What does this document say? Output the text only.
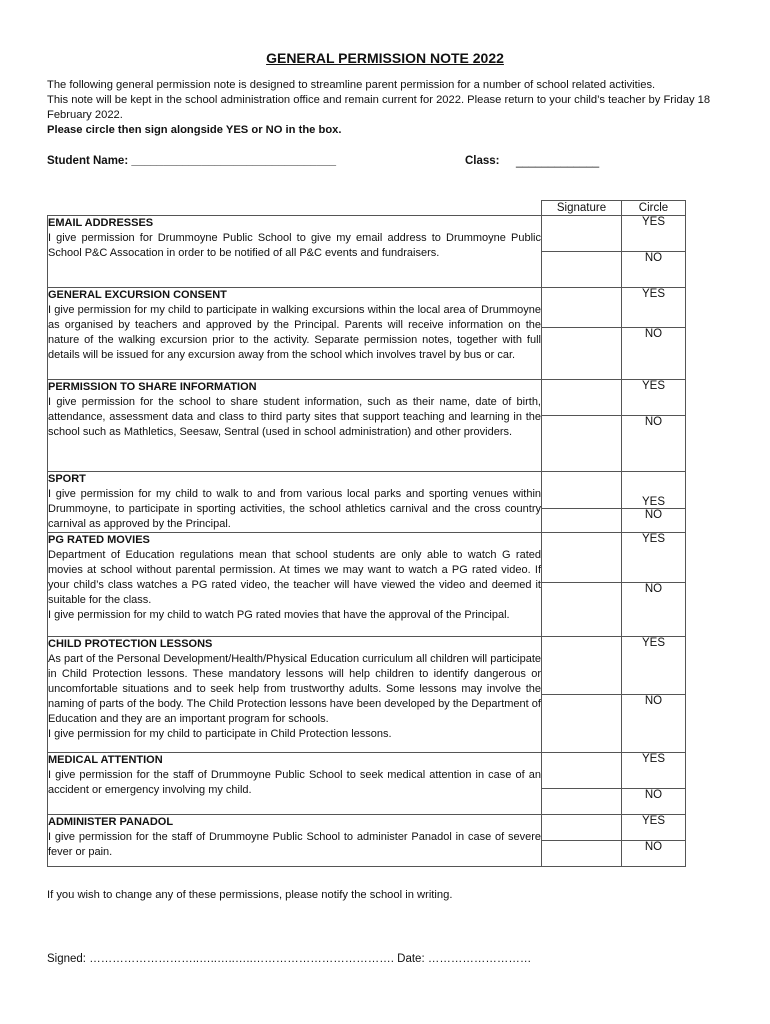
GENERAL PERMISSION NOTE 2022
The following general permission note is designed to streamline parent permission for a number of school related activities.
This note will be kept in the school administration office and remain current for 2022. Please return to your child’s teacher by Friday 18 February 2022.
Please circle then sign alongside YES or NO in the box.
Student Name: ________________________________	Class: _____________
	Signature	Circle

EMAIL ADDRESSES
I give permission for Drummoyne Public School to give my email address to Drummoyne Public School P&C Assocation in order to be notified of all P&C events and fundraisers.		YES
		NO

GENERAL EXCURSION CONSENT
I give permission for my child to participate in walking excursions within the local area of Drummoyne as organised by teachers and approved by the Principal. Parents will receive information on the nature of the walking excursion prior to the activity. Separate permission notes, together with full details will be issued for any excursion away from the school which involves travel by bus or car.		YES
		NO

PERMISSION TO SHARE INFORMATION
I give permission for the school to share student information, such as their name, date of birth, attendance, assessment data and class to third party sites that support teaching and learning in the school such as Mathletics, Seesaw, Sentral (used in school administration) and other providers.		YES
		NO

SPORT
I give permission for my child to walk to and from various local parks and sporting venues within Drummoyne, to participate in sporting activities, the school athletics carnival and the cross country carnival as approved by the Principal.		YES
		NO

PG RATED MOVIES
Department of Education regulations mean that school students are only able to watch G rated movies at school without parental permission. At times we may want to watch a PG rated video. If your child’s class watches a PG rated video, the teacher will have viewed the video and deemed it suitable for the class.
I give permission for my child to watch PG rated movies that have the approval of the Principal.		YES
		NO

CHILD PROTECTION LESSONS
As part of the Personal Development/Health/Physical Education curriculum all children will participate in Child Protection lessons. These mandatory lessons will help children to identify dangerous or uncomfortable situations and to seek help from trustworthy adults. Some lessons may involve the naming of parts of the body. The Child Protection lessons have been developed by the Department of Education and they are an important program for schools.
I give permission for my child to participate in Child Protection lessons.		YES
		NO

MEDICAL ATTENTION
I give permission for the staff of Drummoyne Public School to seek medical attention in case of an accident or emergency involving my child.		YES
		NO

ADMINISTER PANADOL
I give permission for the staff of Drummoyne Public School to administer Panadol in case of severe fever or pain.		YES
		NO
If you wish to change any of these permissions, please notify the school in writing.
Signed: ………………………..…..…..…..………………………………. Date: ………………………
